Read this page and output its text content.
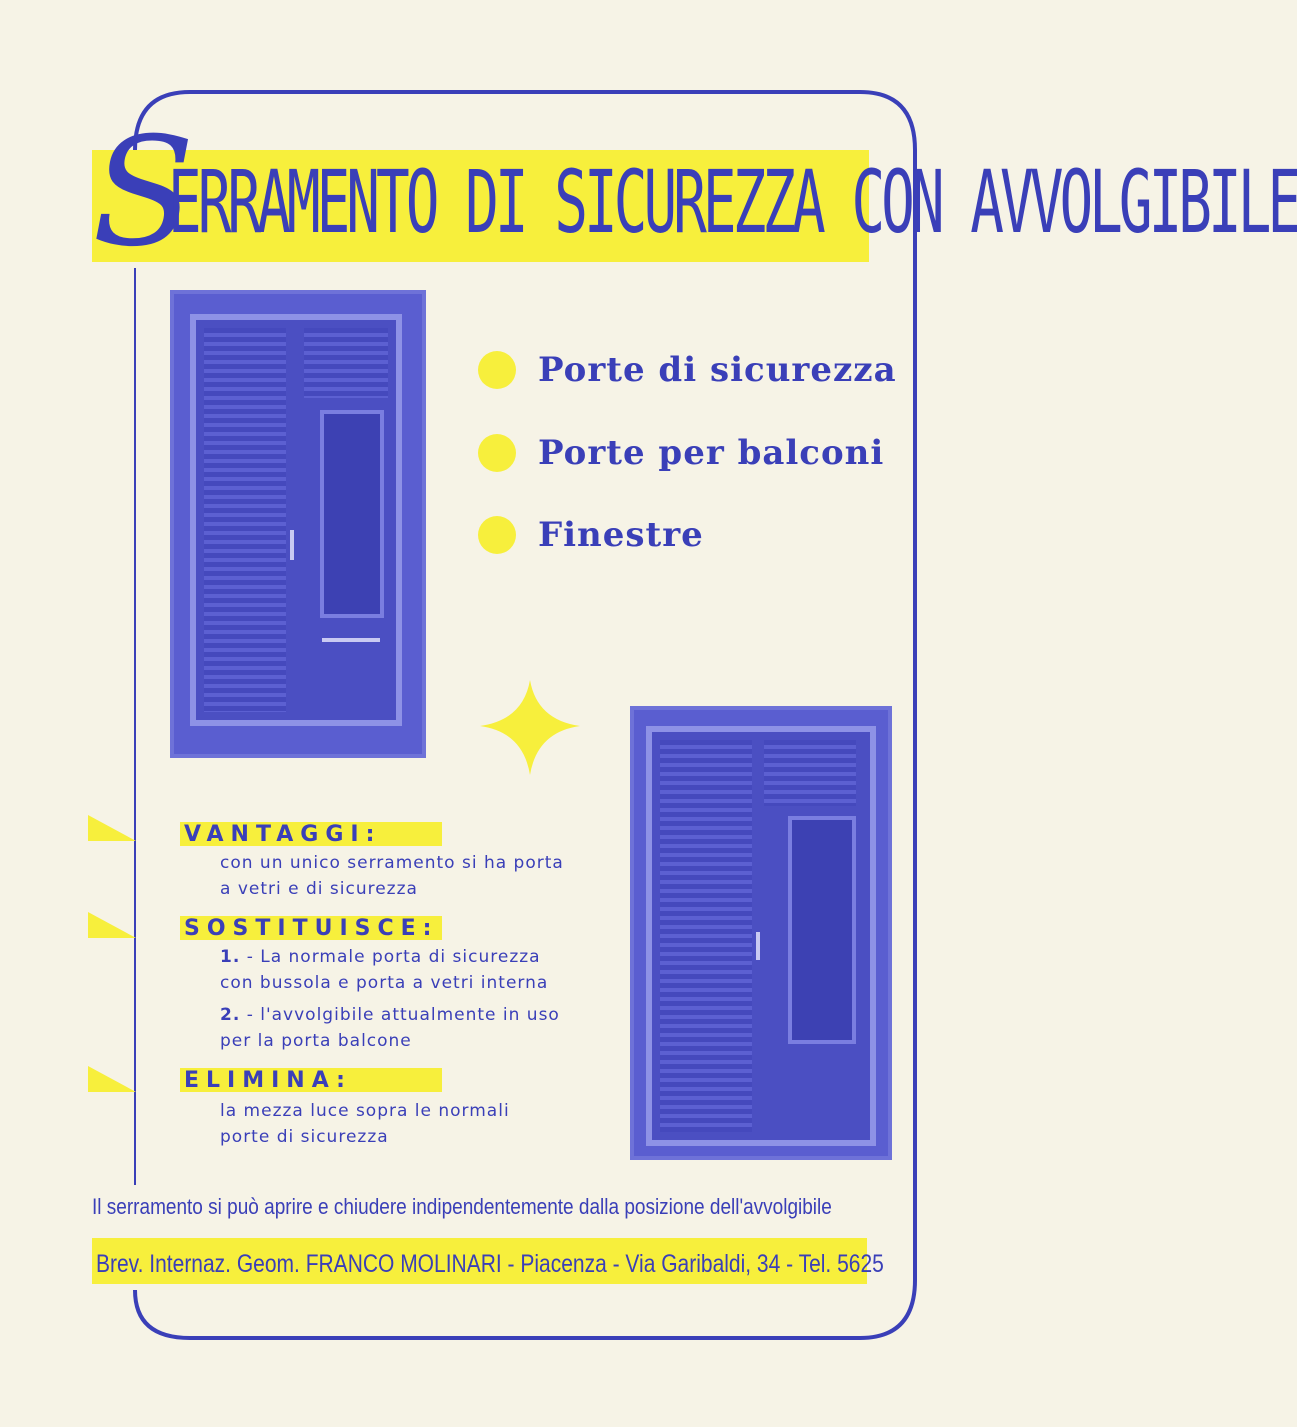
S
ERRAMENTO DI SICUREZZA CON AVVOLGIBILE
Porte di sicurezza
Porte per balconi
Finestre
VANTAGGI:
con un unico serramento si ha porta
a vetri e di sicurezza
SOSTITUISCE:
1. - La normale porta di sicurezza
con bussola e porta a vetri interna
2. - l'avvolgibile attualmente in uso
per la porta balcone
ELIMINA:
la mezza luce sopra le normali
porte di sicurezza
Il serramento si può aprire e chiudere indipendentemente dalla posizione dell'avvolgibile
Brev. Internaz. Geom. FRANCO MOLINARI - Piacenza - Via Garibaldi, 34 - Tel. 5625
